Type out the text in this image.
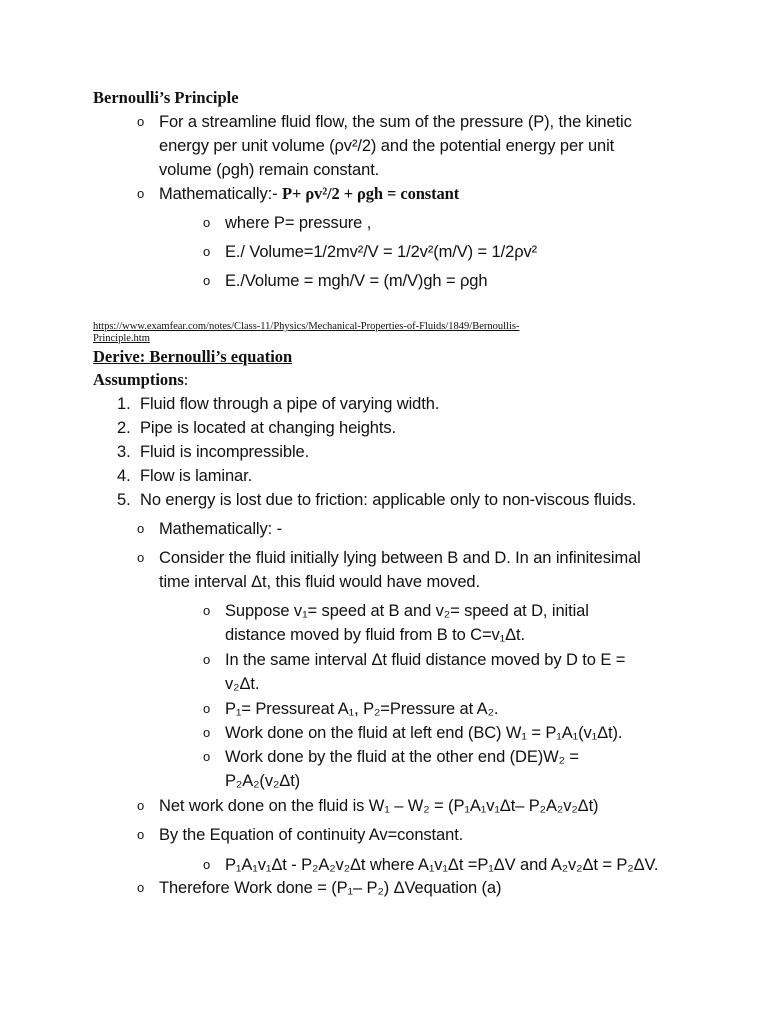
Bernoulli’s Principle
o For a streamline fluid flow, the sum of the pressure (P), the kinetic
energy per unit volume (ρv²/2) and the potential energy per unit
volume (ρgh) remain constant.
o Mathematically:- P+ ρv²/2 + ρgh = constant
o where P= pressure ,
o E./ Volume=1/2mv²/V = 1/2v²(m/V) = 1/2ρv²
o E./Volume = mgh/V = (m/V)gh = ρgh
https://www.examfear.com/notes/Class-11/Physics/Mechanical-Properties-of-Fluids/1849/Bernoullis-
Principle.htm
Derive: Bernoulli’s equation
Assumptions:
1. Fluid flow through a pipe of varying width.
2. Pipe is located at changing heights.
3. Fluid is incompressible.
4. Flow is laminar.
5. No energy is lost due to friction: applicable only to non-viscous fluids.
o Mathematically: -
o Consider the fluid initially lying between B and D. In an infinitesimal
time interval Δt, this fluid would have moved.
o Suppose v₁= speed at B and v₂= speed at D, initial
distance moved by fluid from B to C=v₁Δt.
o In the same interval Δt fluid distance moved by D to E =
v₂Δt.
o P₁= Pressureat A₁, P₂=Pressure at A₂.
o Work done on the fluid at left end (BC) W₁ = P₁A₁(v₁Δt).
o Work done by the fluid at the other end (DE)W₂ =
P₂A₂(v₂Δt)
o Net work done on the fluid is W₁ – W₂ = (P₁A₁v₁Δt– P₂A₂v₂Δt)
o By the Equation of continuity Av=constant.
o P₁A₁v₁Δt - P₂A₂v₂Δt where A₁v₁Δt =P₁ΔV and A₂v₂Δt = P₂ΔV.
o Therefore Work done = (P₁– P₂) ΔVequation (a)
